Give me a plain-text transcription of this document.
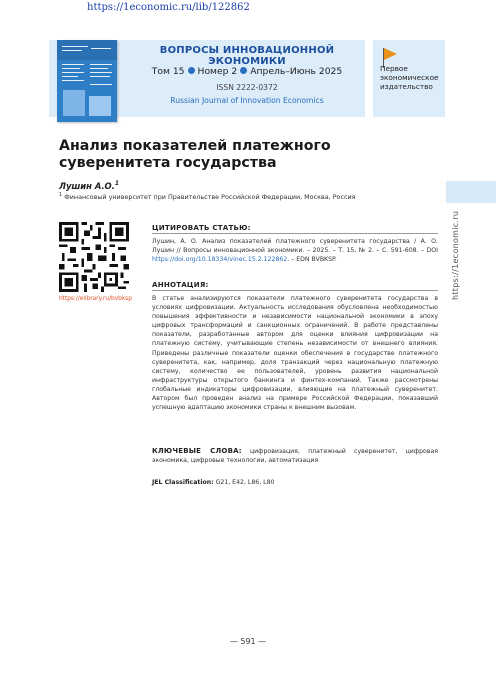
https://1economic.ru/lib/122862
ВОПРОСЫ ИННОВАЦИОННОЙ ЭКОНОМИКИ
Том 15 Номер 2 Апрель–Июнь 2025
ISSN 2222-0372
Russian Journal of Innovation Economics
Первое экономическое издательство
https://1economic.ru
Анализ показателей платежного суверенитета государства
Лушин А.О.$^1$
$^1$ Финансовый университет при Правительстве Российской Федерации, Москва, Россия
https://elibrary.ru/bvbksp
ЦИТИРОВАТЬ СТАТЬЮ:
Лушин, А. О. Анализ показателей платежного суверенитета государства / А. О. Лушин // Вопросы инновационной экономики. – 2025. – Т. 15, № 2. – С. 591-608. – DOI https://doi.org/10.18334/vinec.15.2.122862. – EDN BVBKSP.
АННОТАЦИЯ:
В статье анализируются показатели платежного суверенитета государства в условиях цифровизации. Актуальность исследования обусловлена необходимостью повышения эффективности и независимости национальной экономики в эпоху цифровых трансформаций и санкционных ограничений. В работе представлены показатели, разработанные автором для оценки влияния цифровизации на платежную систему, учитывающие степень независимости от внешнего влияния. Приведены различные показатели оценки обеспечения в государстве платежного суверенитета, как, например, доля транзакций через национальную платежную систему, количество ее пользователей, уровень развития национальной инфраструктуры открытого банкинга и финтех-компаний. Также рассмотрены глобальные индикаторы цифровизации, влияющие на платежный суверенитет. Автором был проведен анализ на примере Российской Федерации, показавший успешную адаптацию экономики страны к внешним вызовам.
КЛЮЧЕВЫЕ СЛОВА: цифровизация, платежный суверенитет, цифровая экономика, цифровые технологии, автоматизация
JEL Classification: G21, E42, L86, L80
— 591 —
